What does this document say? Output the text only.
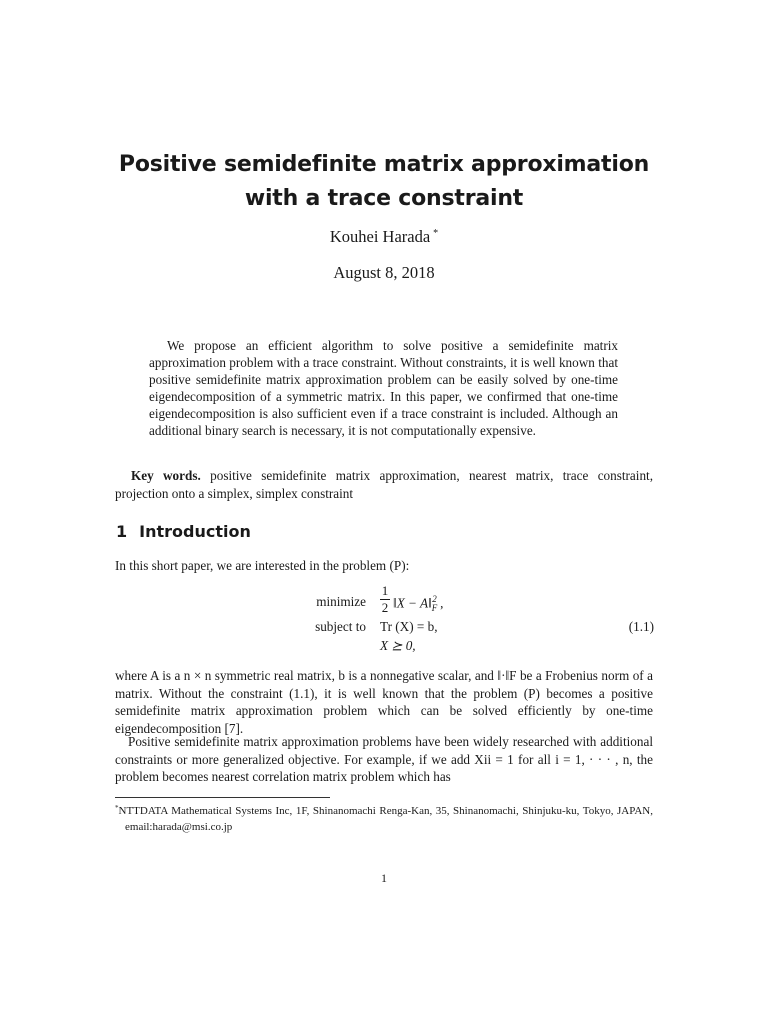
Positive semidefinite matrix approximation
with a trace constraint
Kouhei Harada *
August 8, 2018

We propose an efficient algorithm to solve positive a semidefinite matrix approximation problem with a trace constraint. Without constraints, it is well known that positive semidefinite matrix approximation problem can be easily solved by one-time eigendecomposition of a symmetric matrix. In this paper, we confirmed that one-time eigendecomposition is also sufficient even if a trace constraint is included. Although an additional binary search is necessary, it is not computationally expensive.

Key words. positive semidefinite matrix approximation, nearest matrix, trace constraint, projection onto a simplex, simplex constraint

1 Introduction

In this short paper, we are interested in the problem (P):

minimize
1
2 ‖X − $A‖_F^2$ ,
subject to Tr (X) = b,
X ⪰ 0,
(1.1)

where A is a n × n symmetric real matrix, b is a nonnegative scalar, and ‖·‖F be a Frobenius norm of a matrix. Without the constraint (1.1), it is well known that the problem (P) becomes a positive semidefinite matrix approximation problem which can be solved efficiently by one-time eigendecomposition [7].

Positive semidefinite matrix approximation problems have been widely researched with additional constraints or more generalized objective. For example, if we add Xii = 1 for all i = 1, · · · , n, the problem becomes nearest correlation matrix problem which has

*NTTDATA Mathematical Systems Inc, 1F, Shinanomachi Renga-Kan, 35, Shinanomachi, Shinjuku-ku, Tokyo, JAPAN, email:harada@msi.co.jp

1
